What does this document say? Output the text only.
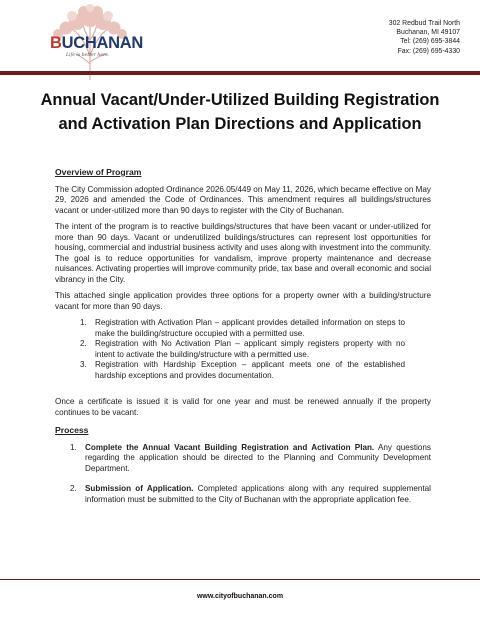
BUCHANAN
Life is better here.
302 Redbud Trail North
Buchanan, MI 49107
Tel: (269) 695-3844
Fax: (269) 695-4330
Annual Vacant/Under-Utilized Building Registration and Activation Plan Directions and Application
Overview of Program

The City Commission adopted Ordinance 2026.05/449 on May 11, 2026, which became effective on May 29, 2026 and amended the Code of Ordinances. This amendment requires all buildings/structures vacant or under-utilized more than 90 days to register with the City of Buchanan.

The intent of the program is to reactive buildings/structures that have been vacant or under-utilized for more than 90 days. Vacant or underutilized buildings/structures can represent lost opportunities for housing, commercial and industrial business activity and uses along with investment into the community. The goal is to reduce opportunities for vandalism, improve property maintenance and decrease nuisances. Activating properties will improve community pride, tax base and overall economic and social vibrancy in the City.

This attached single application provides three options for a property owner with a building/structure vacant for more than 90 days.

1. Registration with Activation Plan – applicant provides detailed information on steps to make the building/structure occupied with a permitted use.
2. Registration with No Activation Plan – applicant simply registers property with no intent to activate the building/structure with a permitted use.
3. Registration with Hardship Exception – applicant meets one of the established hardship exceptions and provides documentation.

Once a certificate is issued it is valid for one year and must be renewed annually if the property continues to be vacant.

Process
1. Complete the Annual Vacant Building Registration and Activation Plan. Any questions regarding the application should be directed to the Planning and Community Development Department.
2. Submission of Application. Completed applications along with any required supplemental information must be submitted to the City of Buchanan with the appropriate application fee.
www.cityofbuchanan.com
